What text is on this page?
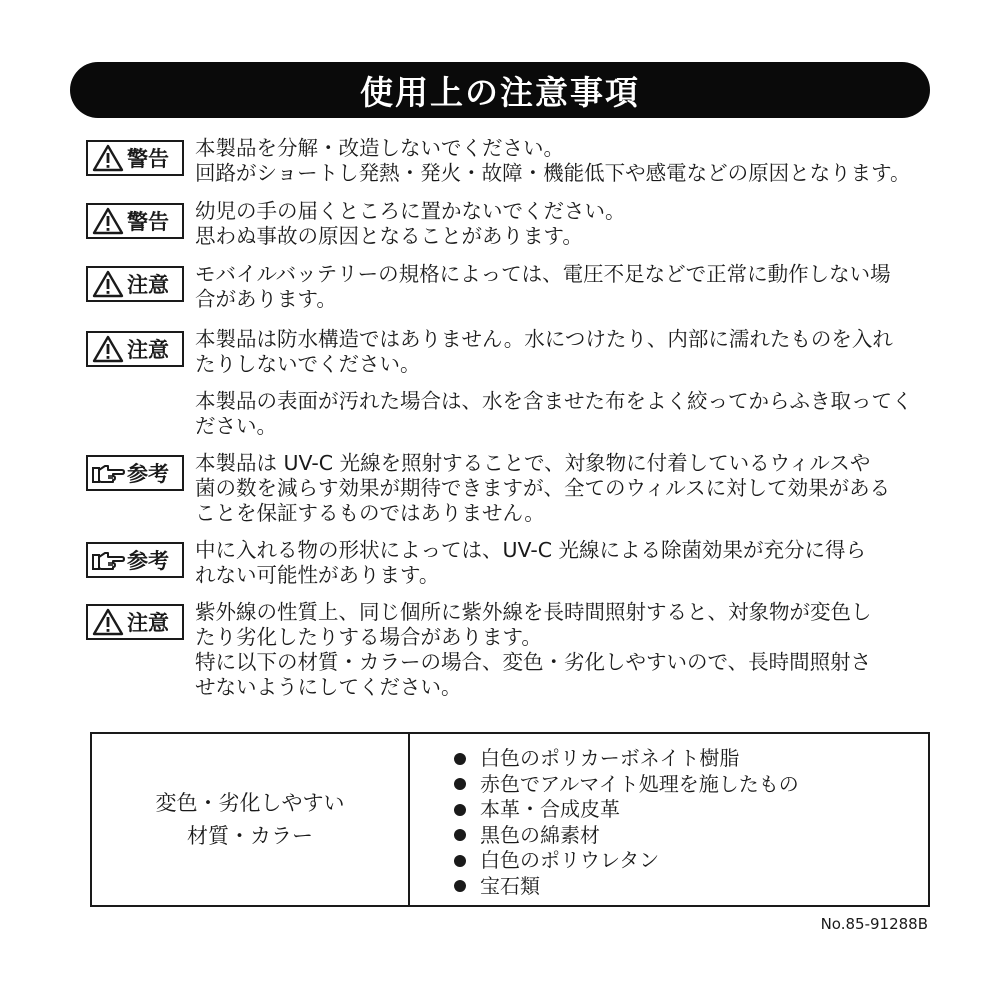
使用上の注意事項
警告 本製品を分解・改造しないでください。
回路がショートし発熱・発火・故障・機能低下や感電などの原因となります。
警告 幼児の手の届くところに置かないでください。
思わぬ事故の原因となることがあります。
注意 モバイルバッテリーの規格によっては、電圧不足などで正常に動作しない場
合があります。
注意 本製品は防水構造ではありません。水につけたり、内部に濡れたものを入れ
たりしないでください。
本製品の表面が汚れた場合は、水を含ませた布をよく絞ってからふき取ってく
ださい。
参考 本製品は UV-C 光線を照射することで、対象物に付着しているウィルスや
菌の数を減らす効果が期待できますが、全てのウィルスに対して効果がある
ことを保証するものではありません。
参考 中に入れる物の形状によっては、UV-C 光線による除菌効果が充分に得ら
れない可能性があります。
注意 紫外線の性質上、同じ個所に紫外線を長時間照射すると、対象物が変色し
たり劣化したりする場合があります。
特に以下の材質・カラーの場合、変色・劣化しやすいので、長時間照射さ
せないようにしてください。
変色・劣化しやすい
材質・カラー
白色のポリカーボネイト樹脂
赤色でアルマイト処理を施したもの
本革・合成皮革
黒色の綿素材
白色のポリウレタン
宝石類
No.85-91288B
